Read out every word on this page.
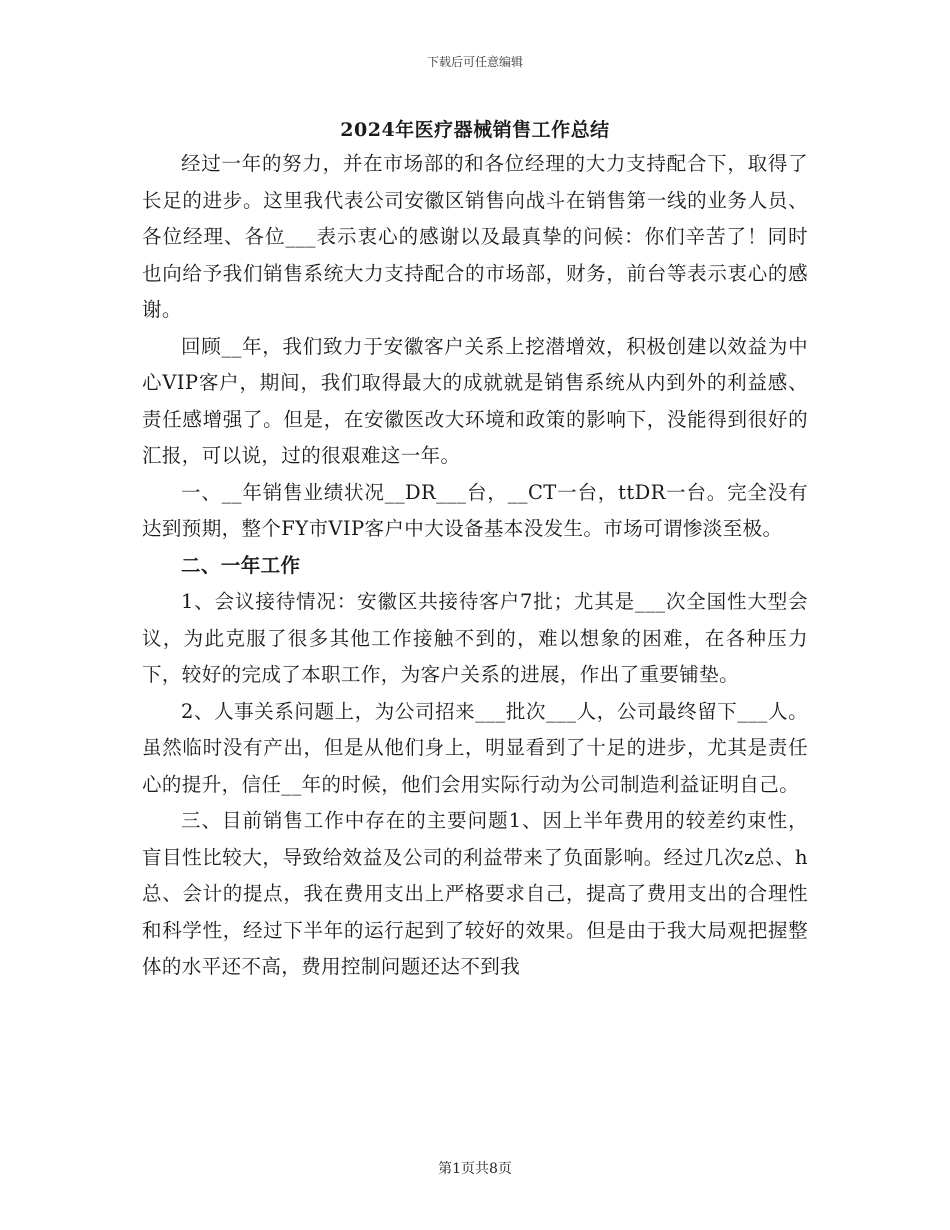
下载后可任意编辑
2024年医疗器械销售工作总结

经过一年的努力，并在市场部的和各位经理的大力支持配合下，取得了长足的进步。这里我代表公司安徽区销售向战斗在销售第一线的业务人员、各位经理、各位___表示衷心的感谢以及最真挚的问候：你们辛苦了！同时也向给予我们销售系统大力支持配合的市场部，财务，前台等表示衷心的感谢。

回顾__年，我们致力于安徽客户关系上挖潜增效，积极创建以效益为中心VIP客户，期间，我们取得最大的成就就是销售系统从内到外的利益感、责任感增强了。但是，在安徽医改大环境和政策的影响下，没能得到很好的汇报，可以说，过的很艰难这一年。

一、__年销售业绩状况__DR___台，__CT一台，ttDR一台。完全没有达到预期，整个FY市VIP客户中大设备基本没发生。市场可谓惨淡至极。

二、一年工作

1、会议接待情况：安徽区共接待客户7批；尤其是___次全国性大型会议，为此克服了很多其他工作接触不到的，难以想象的困难，在各种压力下，较好的完成了本职工作，为客户关系的进展，作出了重要铺垫。

2、人事关系问题上，为公司招来___批次___人，公司最终留下___人。虽然临时没有产出，但是从他们身上，明显看到了十足的进步，尤其是责任心的提升，信任__年的时候，他们会用实际行动为公司制造利益证明自己。

三、目前销售工作中存在的主要问题1、因上半年费用的较差约束性，盲目性比较大，导致给效益及公司的利益带来了负面影响。经过几次z总、h总、会计的提点，我在费用支出上严格要求自己，提高了费用支出的合理性和科学性，经过下半年的运行起到了较好的效果。但是由于我大局观把握整体的水平还不高，费用控制问题还达不到我

第1页共8页
